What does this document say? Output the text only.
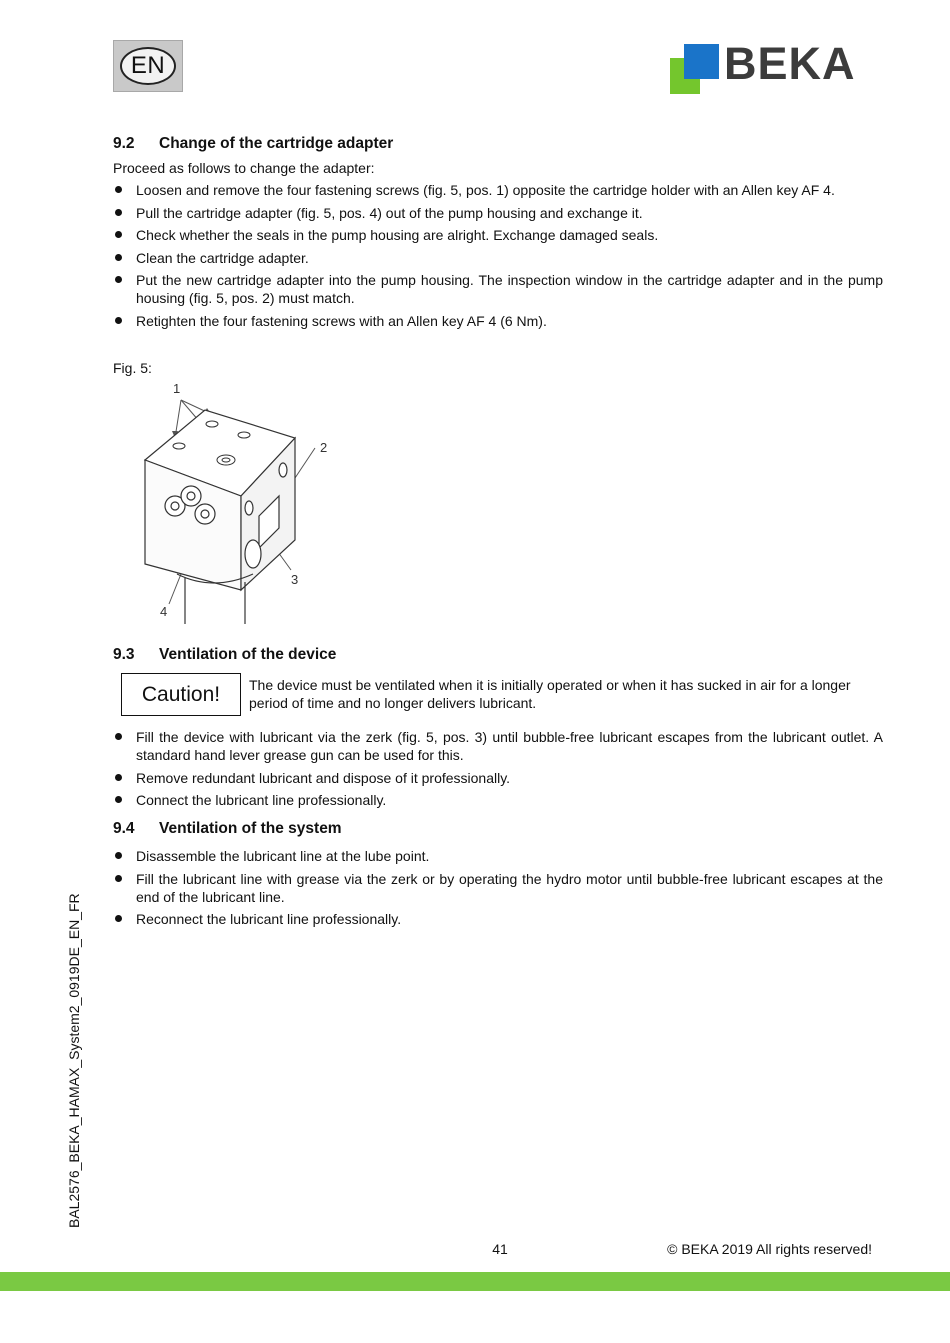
EN	BEKA
9.2 Change of the cartridge adapter
Proceed as follows to change the adapter:
Loosen and remove the four fastening screws (fig. 5, pos. 1) opposite the cartridge holder with an Allen key AF 4.
Pull the cartridge adapter (fig. 5, pos. 4) out of the pump housing and exchange it.
Check whether the seals in the pump housing are alright. Exchange damaged seals.
Clean the cartridge adapter.
Put the new cartridge adapter into the pump housing. The inspection window in the cartridge adapter and in the pump housing (fig. 5, pos. 2) must match.
Retighten the four fastening screws with an Allen key AF 4 (6 Nm).
Fig. 5:
1
2
3
4
9.3 Ventilation of the device
Caution!	The device must be ventilated when it is initially operated or when it has sucked in air for a longer period of time and no longer delivers lubricant.
Fill the device with lubricant via the zerk (fig. 5, pos. 3) until bubble-free lubricant escapes from the lubricant outlet. A standard hand lever grease gun can be used for this.
Remove redundant lubricant and dispose of it professionally.
Connect the lubricant line professionally.
9.4 Ventilation of the system
Disassemble the lubricant line at the lube point.
Fill the lubricant line with grease via the zerk or by operating the hydro motor until bubble-free lubricant escapes at the end of the lubricant line.
Reconnect the lubricant line professionally.
BAL2576_BEKA_HAMAX_System2_0919DE_EN_FR
41	© BEKA 2019 All rights reserved!
